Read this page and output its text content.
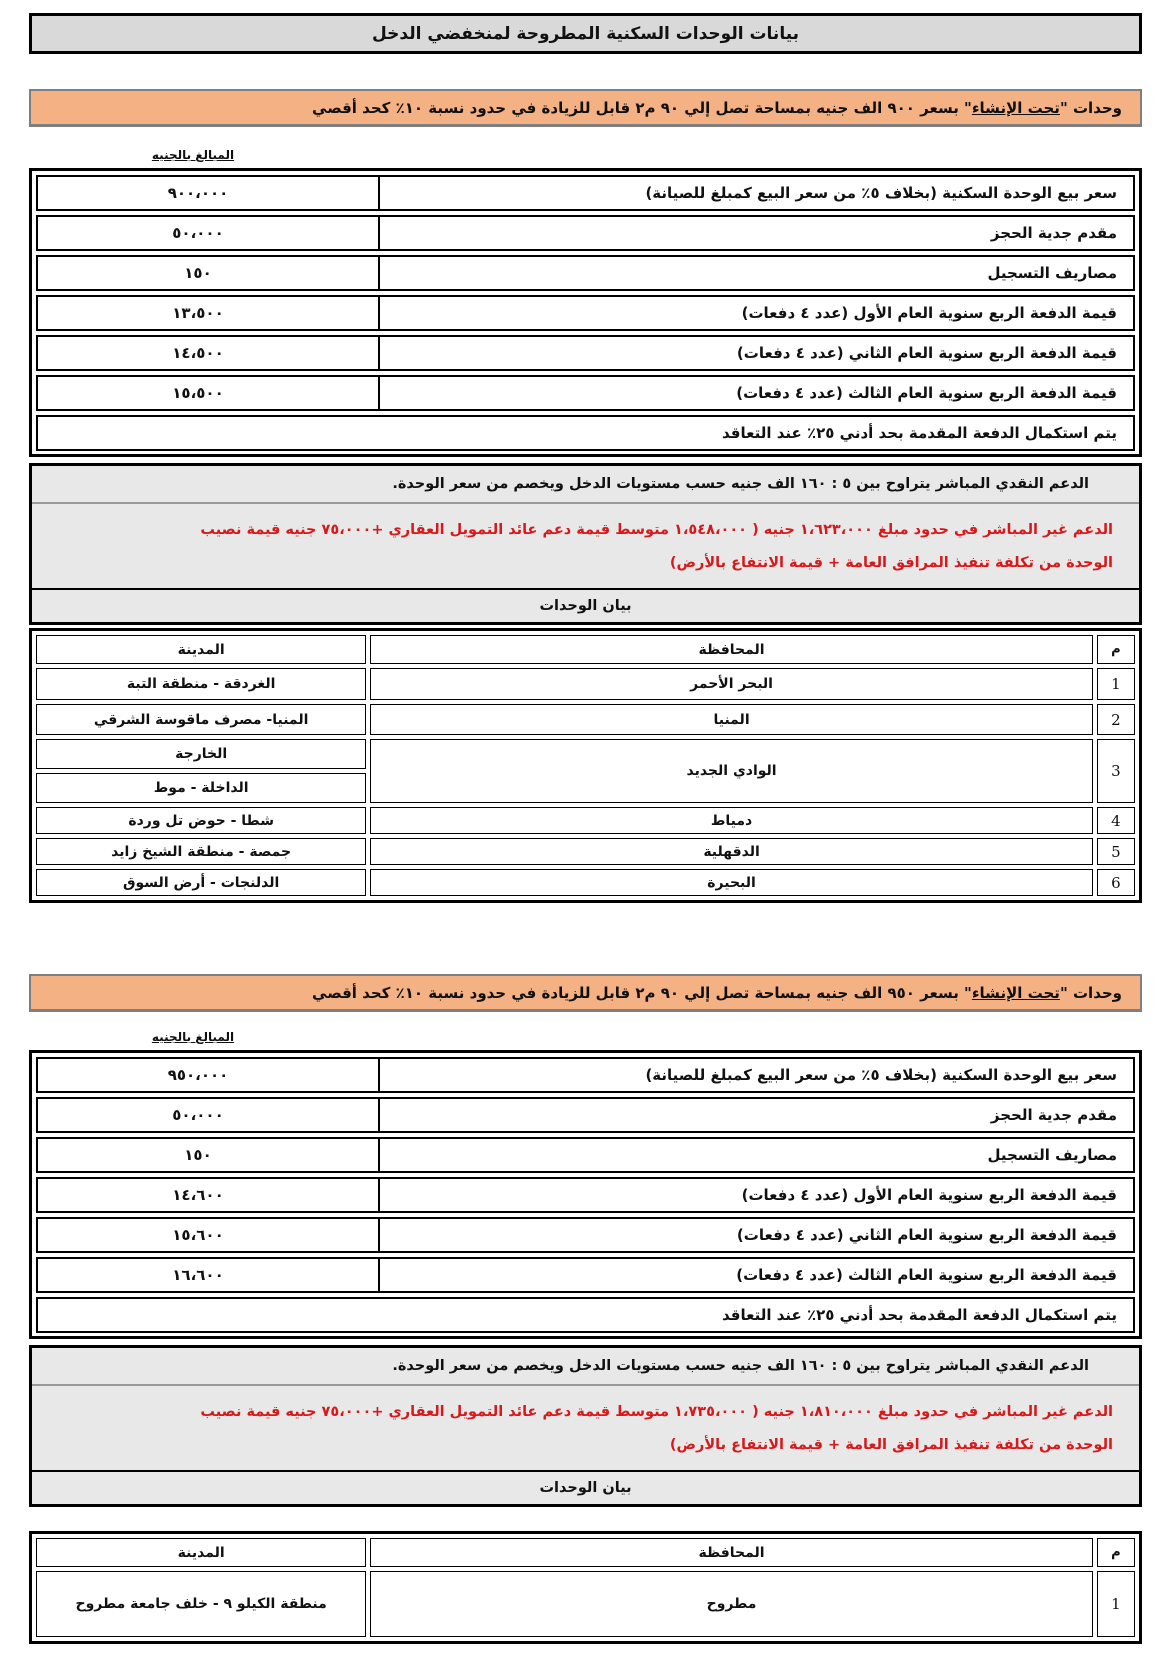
بيانات الوحدات السكنية المطروحة لمنخفضي الدخل
وحدات "
تحت الإنشاء
" بسعر ٩٠٠ الف جنيه بمساحة تصل إلي ٩٠ م٢ قابل للزيادة في حدود نسبة ١٠٪ كحد أقصي
المبالغ بالجنيه
سعر بيع الوحدة السكنية (بخلاف ٥٪ من سعر البيع كمبلغ للصيانة)
٩٠٠،٠٠٠
مقدم جدية الحجز
٥٠،٠٠٠
مصاريف التسجيل
١٥٠
قيمة الدفعة الربع سنوية العام الأول (عدد ٤ دفعات)
١٣،٥٠٠
قيمة الدفعة الربع سنوية العام الثاني (عدد ٤ دفعات)
١٤،٥٠٠
قيمة الدفعة الربع سنوية العام الثالث (عدد ٤ دفعات)
١٥،٥٠٠
يتم استكمال الدفعة المقدمة بحد أدني ٢٥٪ عند التعاقد
الدعم النقدي المباشر يتراوح بين ٥ : ١٦٠ الف جنيه حسب مستويات الدخل ويخصم من سعر الوحدة.
الدعم غير المباشر في حدود مبلغ ١،٦٢٣،٠٠٠ جنيه ( ١،٥٤٨،٠٠٠ متوسط قيمة دعم عائد التمويل العقاري +٧٥،٠٠٠ جنيه قيمة نصيب
الوحدة من تكلفة تنفيذ المرافق العامة + قيمة الانتفاع بالأرض)
بيان الوحدات
م	المحافظة	المدينة
1	البحر الأحمر	الغردقة - منطقة التبة
2	المنيا	المنيا- مصرف ماقوسة الشرقي
3	الوادي الجديد	الخارجة
		الداخلة - موط
4	دمياط	شطا - حوض تل وردة
5	الدقهلية	جمصة - منطقة الشيخ زايد
6	البحيرة	الدلنجات - أرض السوق
وحدات "
تحت الإنشاء
" بسعر ٩٥٠ الف جنيه بمساحة تصل إلي ٩٠ م٢ قابل للزيادة في حدود نسبة ١٠٪ كحد أقصي
المبالغ بالجنيه
سعر بيع الوحدة السكنية (بخلاف ٥٪ من سعر البيع كمبلغ للصيانة)
٩٥٠،٠٠٠
مقدم جدية الحجز
٥٠،٠٠٠
مصاريف التسجيل
١٥٠
قيمة الدفعة الربع سنوية العام الأول (عدد ٤ دفعات)
١٤،٦٠٠
قيمة الدفعة الربع سنوية العام الثاني (عدد ٤ دفعات)
١٥،٦٠٠
قيمة الدفعة الربع سنوية العام الثالث (عدد ٤ دفعات)
١٦،٦٠٠
يتم استكمال الدفعة المقدمة بحد أدني ٢٥٪ عند التعاقد
الدعم النقدي المباشر يتراوح بين ٥ : ١٦٠ الف جنيه حسب مستويات الدخل ويخصم من سعر الوحدة.
الدعم غير المباشر في حدود مبلغ ١،٨١٠،٠٠٠ جنيه ( ١،٧٣٥،٠٠٠ متوسط قيمة دعم عائد التمويل العقاري +٧٥،٠٠٠ جنيه قيمة نصيب
الوحدة من تكلفة تنفيذ المرافق العامة + قيمة الانتفاع بالأرض)
بيان الوحدات
م	المحافظة	المدينة
1	مطروح	منطقة الكيلو ٩ - خلف جامعة مطروح
